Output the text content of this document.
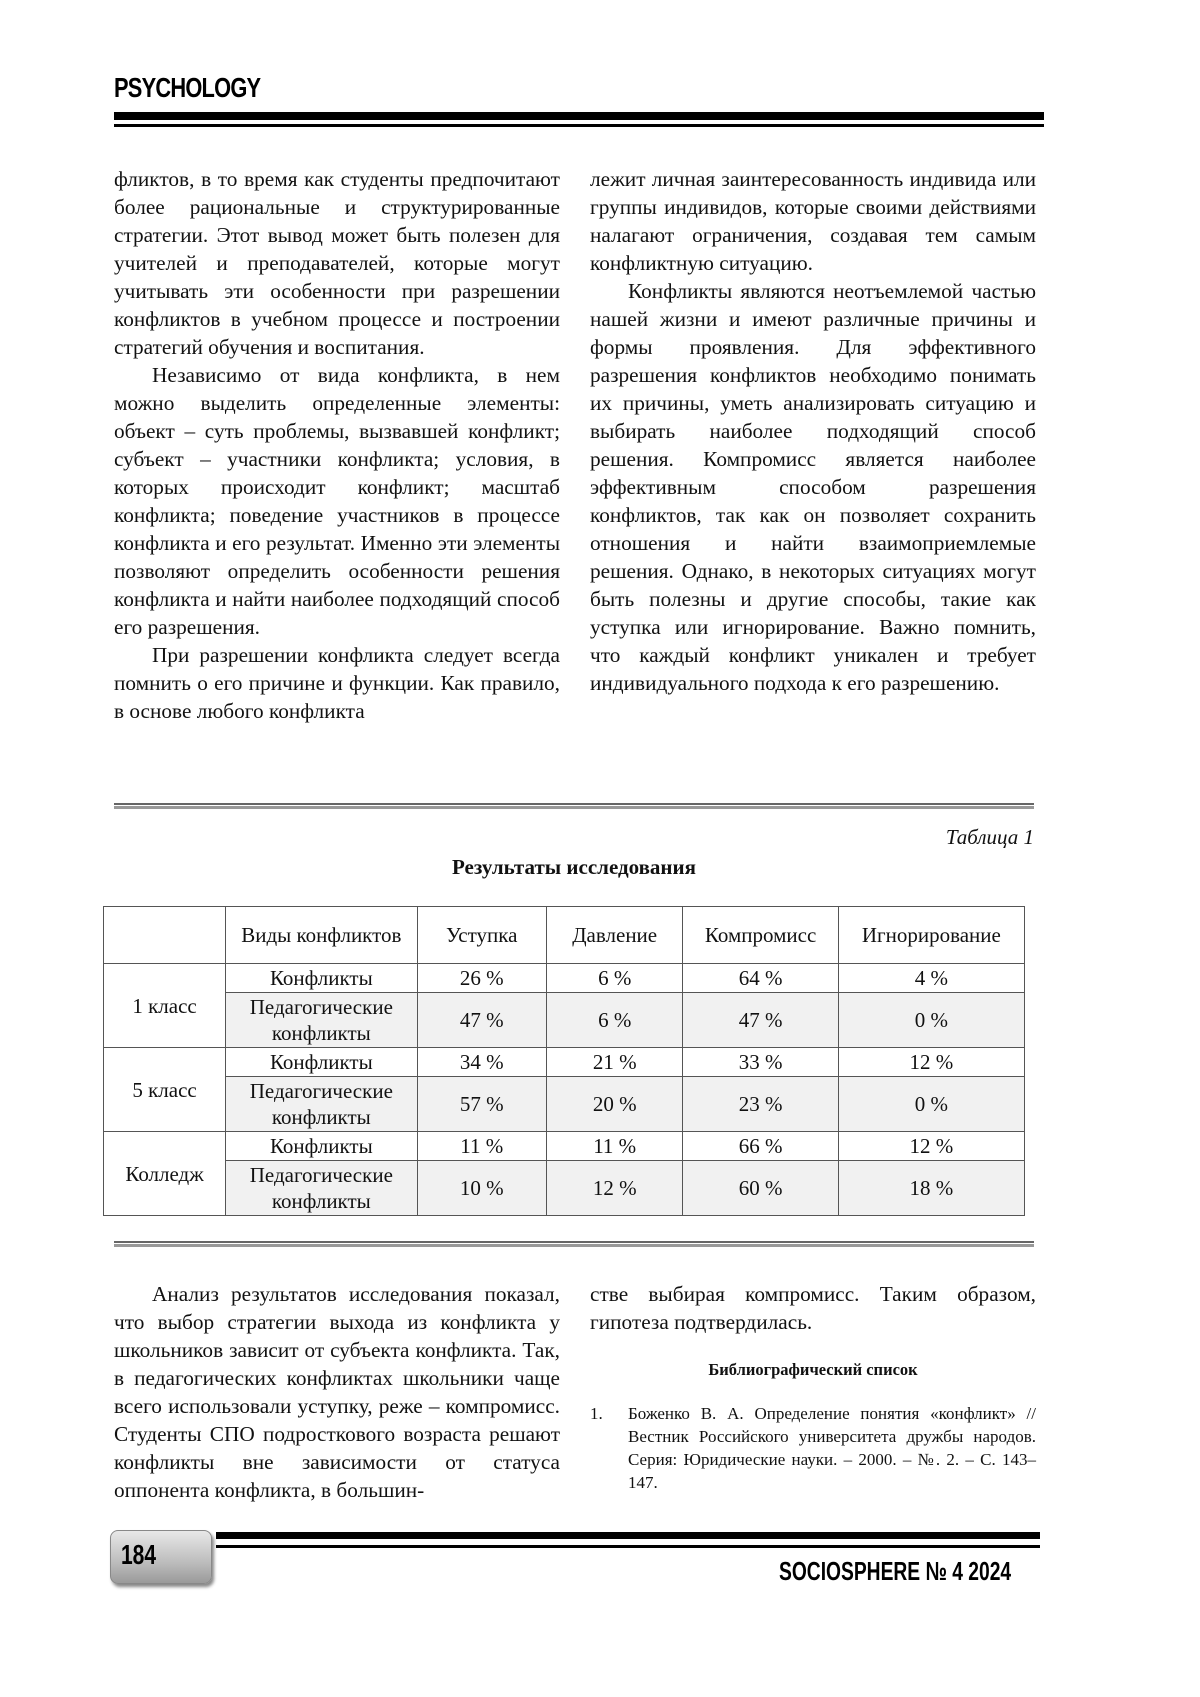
PSYCHOLOGY

фликтов, в то время как студенты предпочитают более рациональные и структурированные стратегии. Этот вывод может быть полезен для учителей и преподавателей, которые могут учитывать эти особенности при разрешении конфликтов в учебном процессе и построении стратегий обучения и воспитания.

Независимо от вида конфликта, в нем можно выделить определенные элементы: объект – суть проблемы, вызвавшей конфликт; субъект – участники конфликта; условия, в которых происходит конфликт; масштаб конфликта; поведение участников в процессе конфликта и его результат. Именно эти элементы позволяют определить особенности решения конфликта и найти наиболее подходящий способ его разрешения.

При разрешении конфликта следует всегда помнить о его причине и функции. Как правило, в основе любого конфликта

лежит личная заинтересованность индивида или группы индивидов, которые своими действиями налагают ограничения, создавая тем самым конфликтную ситуацию.

Конфликты являются неотъемлемой частью нашей жизни и имеют различные причины и формы проявления. Для эффективного разрешения конфликтов необходимо понимать их причины, уметь анализировать ситуацию и выбирать наиболее подходящий способ решения. Компромисс является наиболее эффективным способом разрешения конфликтов, так как он позволяет сохранить отношения и найти взаимоприемлемые решения. Однако, в некоторых ситуациях могут быть полезны и другие способы, такие как уступка или игнорирование. Важно помнить, что каждый конфликт уникален и требует индивидуального подхода к его разрешению.

Таблица 1
Результаты исследования
	Виды конфликтов	Уступка	Давление	Компромисс	Игнорирование
1 класс	Конфликты	26 %	6 %	64 %	4 %
	Педагогические конфликты	47 %	6 %	47 %	0 %
5 класс	Конфликты	34 %	21 %	33 %	12 %
	Педагогические конфликты	57 %	20 %	23 %	0 %
Колледж	Конфликты	11 %	11 %	66 %	12 %
	Педагогические конфликты	10 %	12 %	60 %	18 %

Анализ результатов исследования показал, что выбор стратегии выхода из конфликта у школьников зависит от субъекта конфликта. Так, в педагогических конфликтах школьники чаще всего использовали уступку, реже – компромисс. Студенты СПО подросткового возраста решают конфликты вне зависимости от статуса оппонента конфликта, в большин-

стве выбирая компромисс. Таким образом, гипотеза подтвердилась.

Библиографический список

1.	Боженко В. А. Определение понятия «конфликт» // Вестник Российского университета дружбы народов. Серия: Юридические науки. – 2000. – №. 2. – С. 143–147.
184
SOCIOSPHERE № 4 2024
